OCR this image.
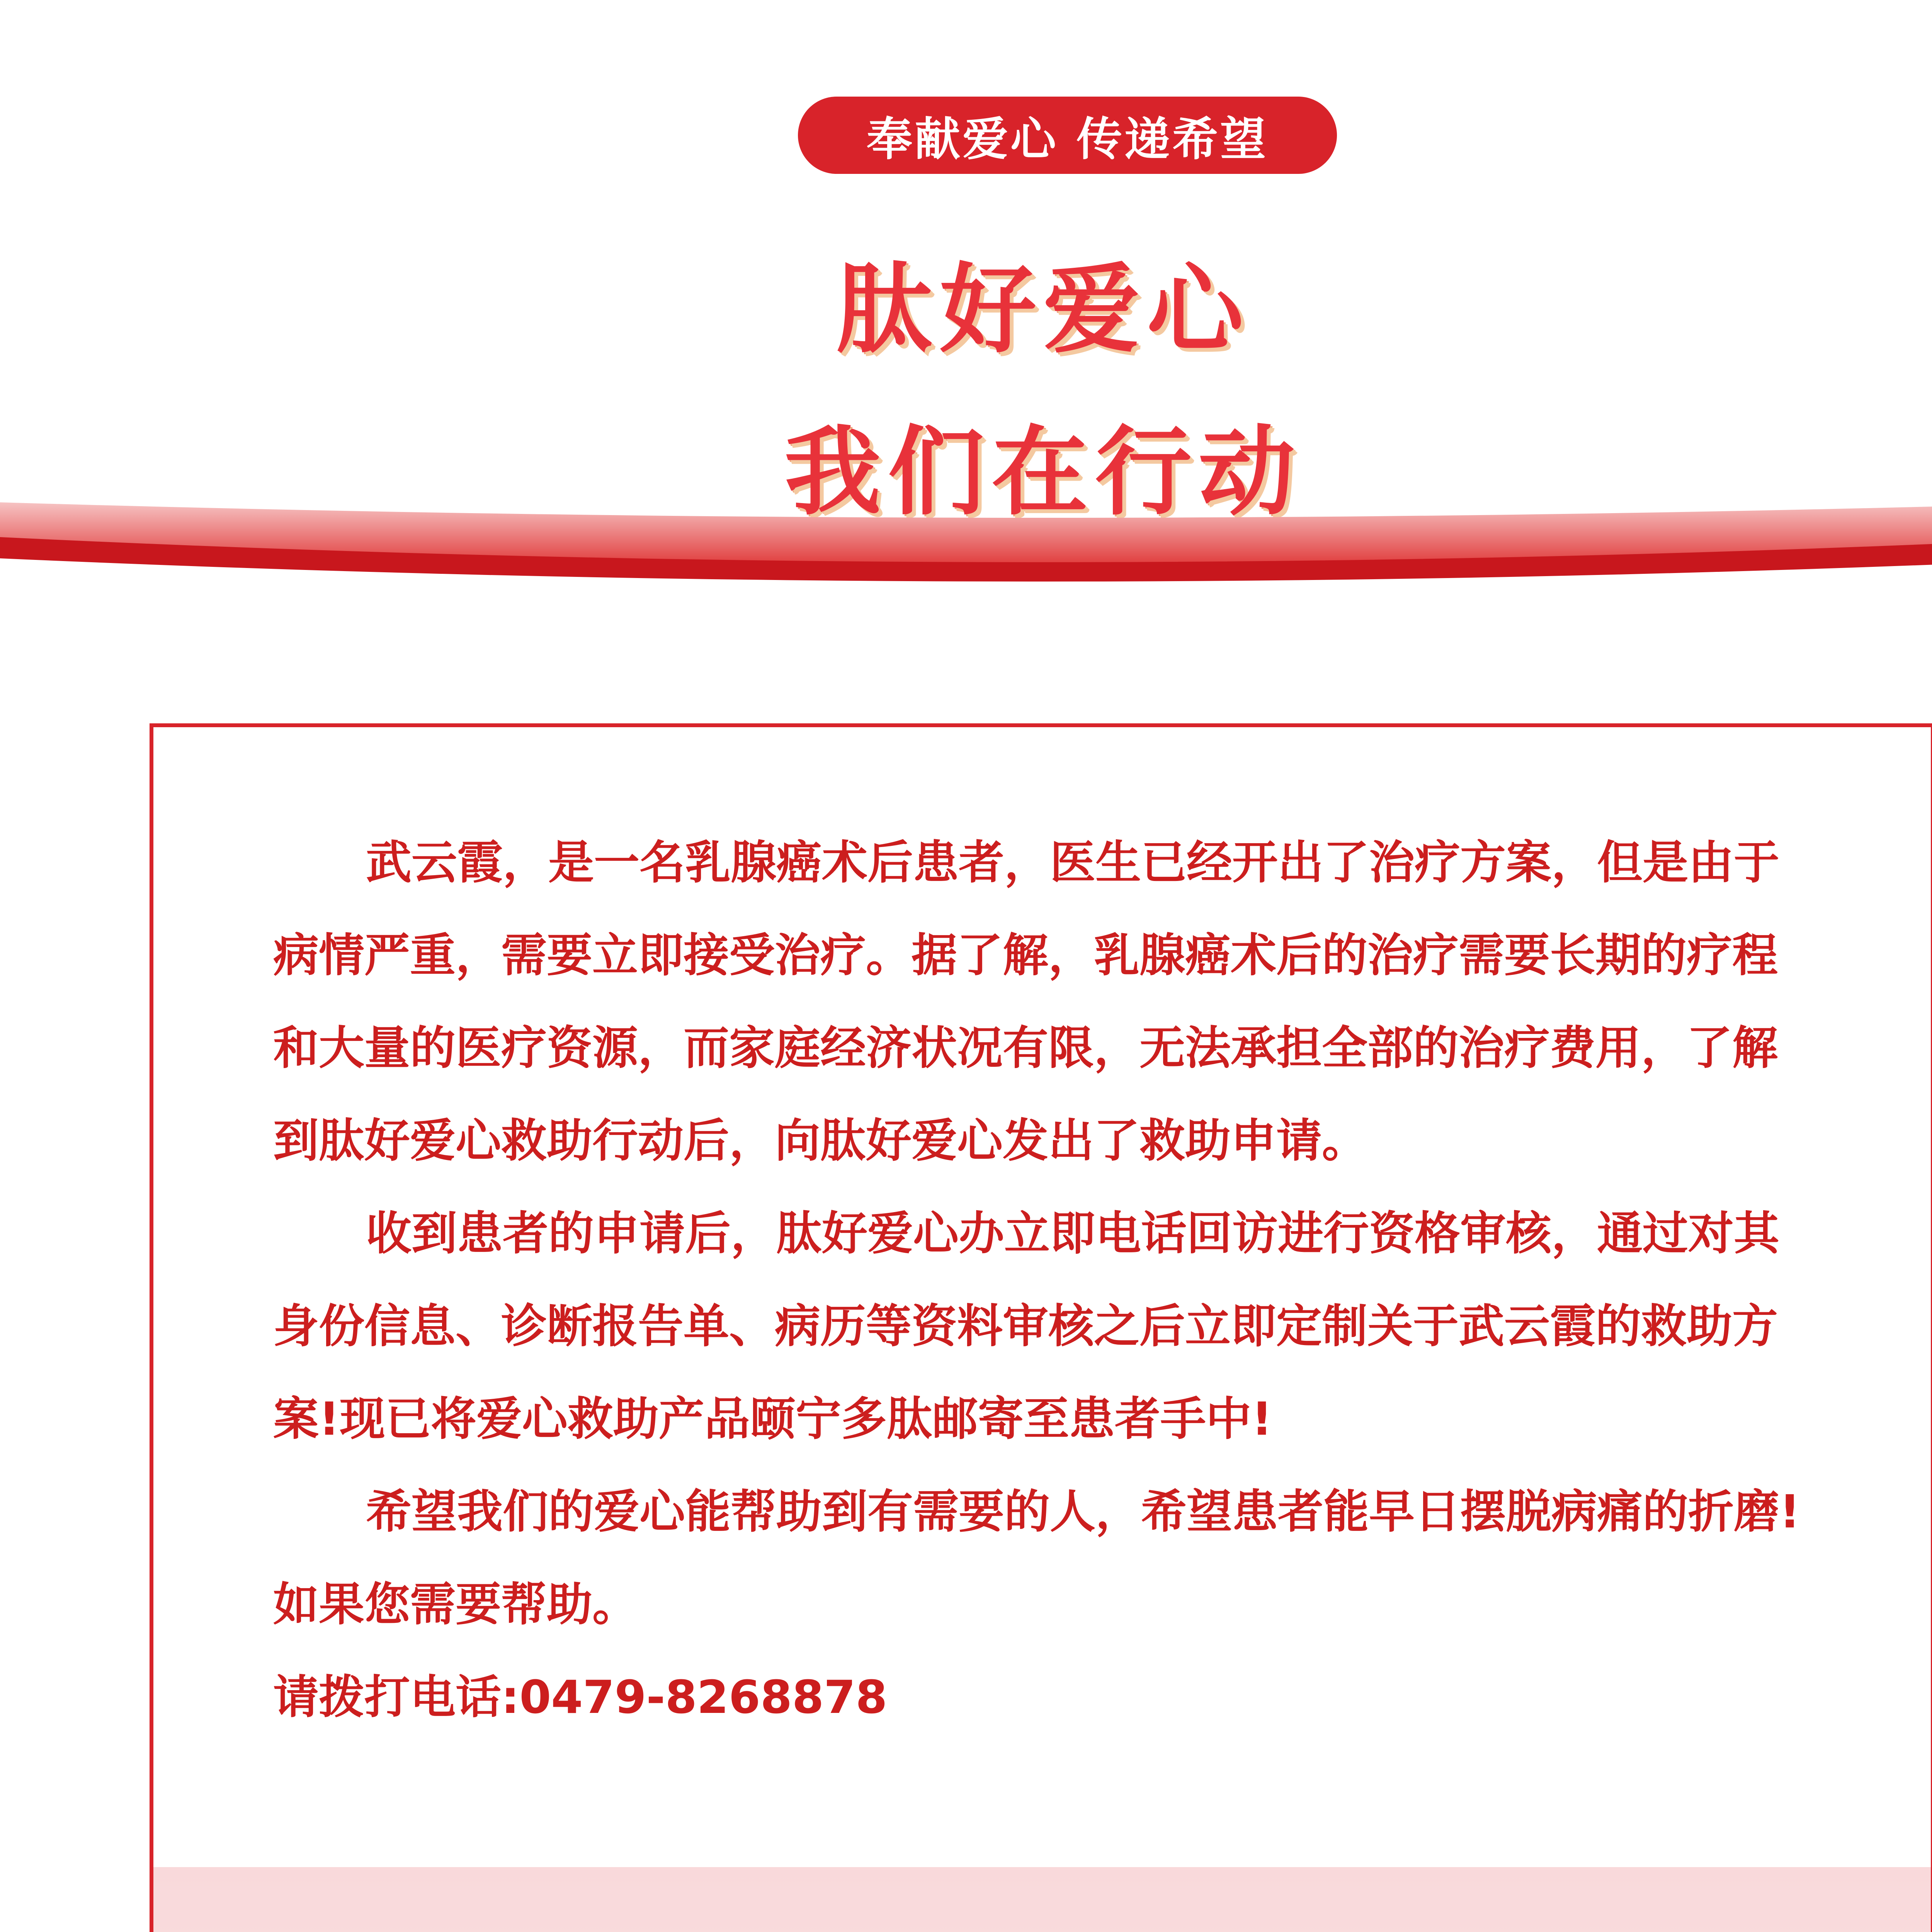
奉献爱心 传递希望
肽好爱心
我们在行动

武云霞，是一名乳腺癌术后患者，医生已经开出了治疗方案，但是由于病情严重，需要立即接受治疗。据了解，乳腺癌术后的治疗需要长期的疗程和大量的医疗资源，而家庭经济状况有限，无法承担全部的治疗费用，了解到肽好爱心救助行动后，向肽好爱心发出了救助申请。

收到患者的申请后，肽好爱心办立即电话回访进行资格审核，通过对其身份信息、诊断报告单、病历等资料审核之后立即定制关于武云霞的救助方案!现已将爱心救助产品颐宁多肽邮寄至患者手中!

希望我们的爱心能帮助到有需要的人，希望患者能早日摆脱病痛的折磨!

如果您需要帮助。

请拨打电话:0479-8268878
